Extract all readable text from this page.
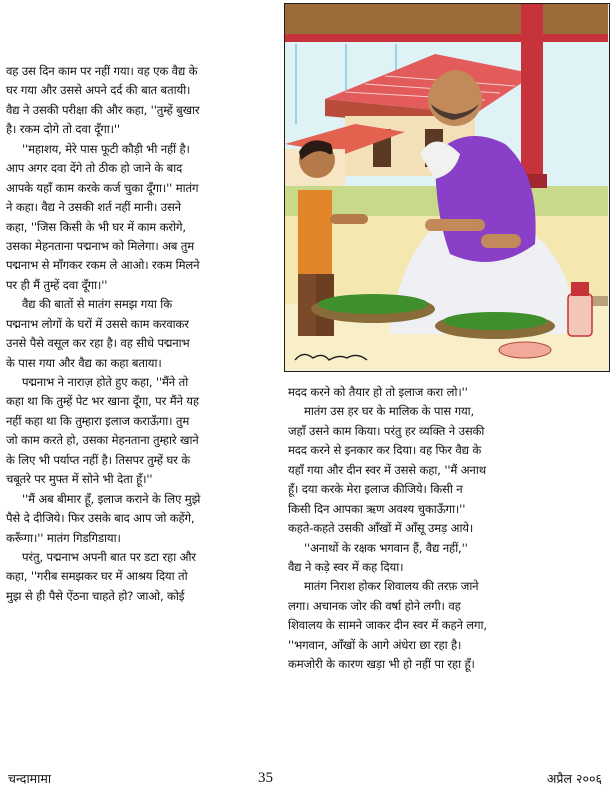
वह उस दिन काम पर नहीं गया। वह एक वैद्य के
घर गया और उससे अपने दर्द की बात बतायी।
वैद्य ने उसकी परीक्षा की और कहा, ''तुम्हें बुखार
है। रकम दोगे तो दवा दूँगा।''
''महाशय, मेरे पास फूटी कौड़ी भी नहीं है।
आप अगर दवा देंगे तो ठीक हो जाने के बाद
आपके यहाँ काम करके कर्ज चुका दूँगा।'' मातंग
ने कहा। वैद्य ने उसकी शर्त नहीं मानी। उसने
कहा, ''जिस किसी के भी घर में काम करोगे,
उसका मेहनताना पद्मनाभ को मिलेगा। अब तुम
पद्मनाभ से माँगकर रकम ले आओ। रकम मिलने
पर ही मैं तुम्हें दवा दूँगा।''
वैद्य की बातों से मातंग समझ गया कि
पद्मनाभ लोगों के घरों में उससे काम करवाकर
उनसे पैसे वसूल कर रहा है। वह सीधे पद्मनाभ
के पास गया और वैद्य का कहा बताया।
पद्मनाभ ने नाराज़ होते हुए कहा, ''मैंने तो
कहा था कि तुम्हें पेट भर खाना दूँगा, पर मैंने यह
नहीं कहा था कि तुम्हारा इलाज कराऊँगा। तुम
जो काम करते हो, उसका मेहनताना तुम्हारे खाने
के लिए भी पर्याप्त नहीं है। तिसपर तुम्हें घर के
चबूतरे पर मुफ्त में सोने भी देता हूँ।''
''मैं अब बीमार हूँ, इलाज कराने के लिए मुझे
पैसे दे दीजिये। फिर उसके बाद आप जो कहेंगे,
करूँगा।'' मातंग गिडगिडाया।
परंतु, पद्मनाभ अपनी बात पर डटा रहा और
कहा, ''गरीब समझकर घर में आश्रय दिया तो
मुझ से ही पैसे ऐंठना चाहते हो? जाओ, कोई
मदद करने को तैयार हो तो इलाज करा लो।''
मातंग उस हर घर के मालिक के पास गया,
जहाँ उसने काम किया। परंतु हर व्यक्ति ने उसकी
मदद करने से इनकार कर दिया। वह फिर वैद्य के
यहाँ गया और दीन स्वर में उससे कहा, ''मैं अनाथ
हूँ। दया करके मेरा इलाज कीजिये। किसी न
किसी दिन आपका ऋण अवश्य चुकाऊँगा।''
कहते-कहते उसकी आँखों में आँसू उमड़ आये।
''अनाथों के रक्षक भगवान हैं, वैद्य नहीं,''
वैद्य ने कड़े स्वर में कह दिया।
मातंग निराश होकर शिवालय की तरफ़ जाने
लगा। अचानक जोर की वर्षा होने लगी। वह
शिवालय के सामने जाकर दीन स्वर में कहने लगा,
''भगवान, आँखों के आगे अंधेरा छा रहा है।
कमजोरी के कारण खड़ा भी हो नहीं पा रहा हूँ।
चन्दामामा	35	अप्रैल २००६
